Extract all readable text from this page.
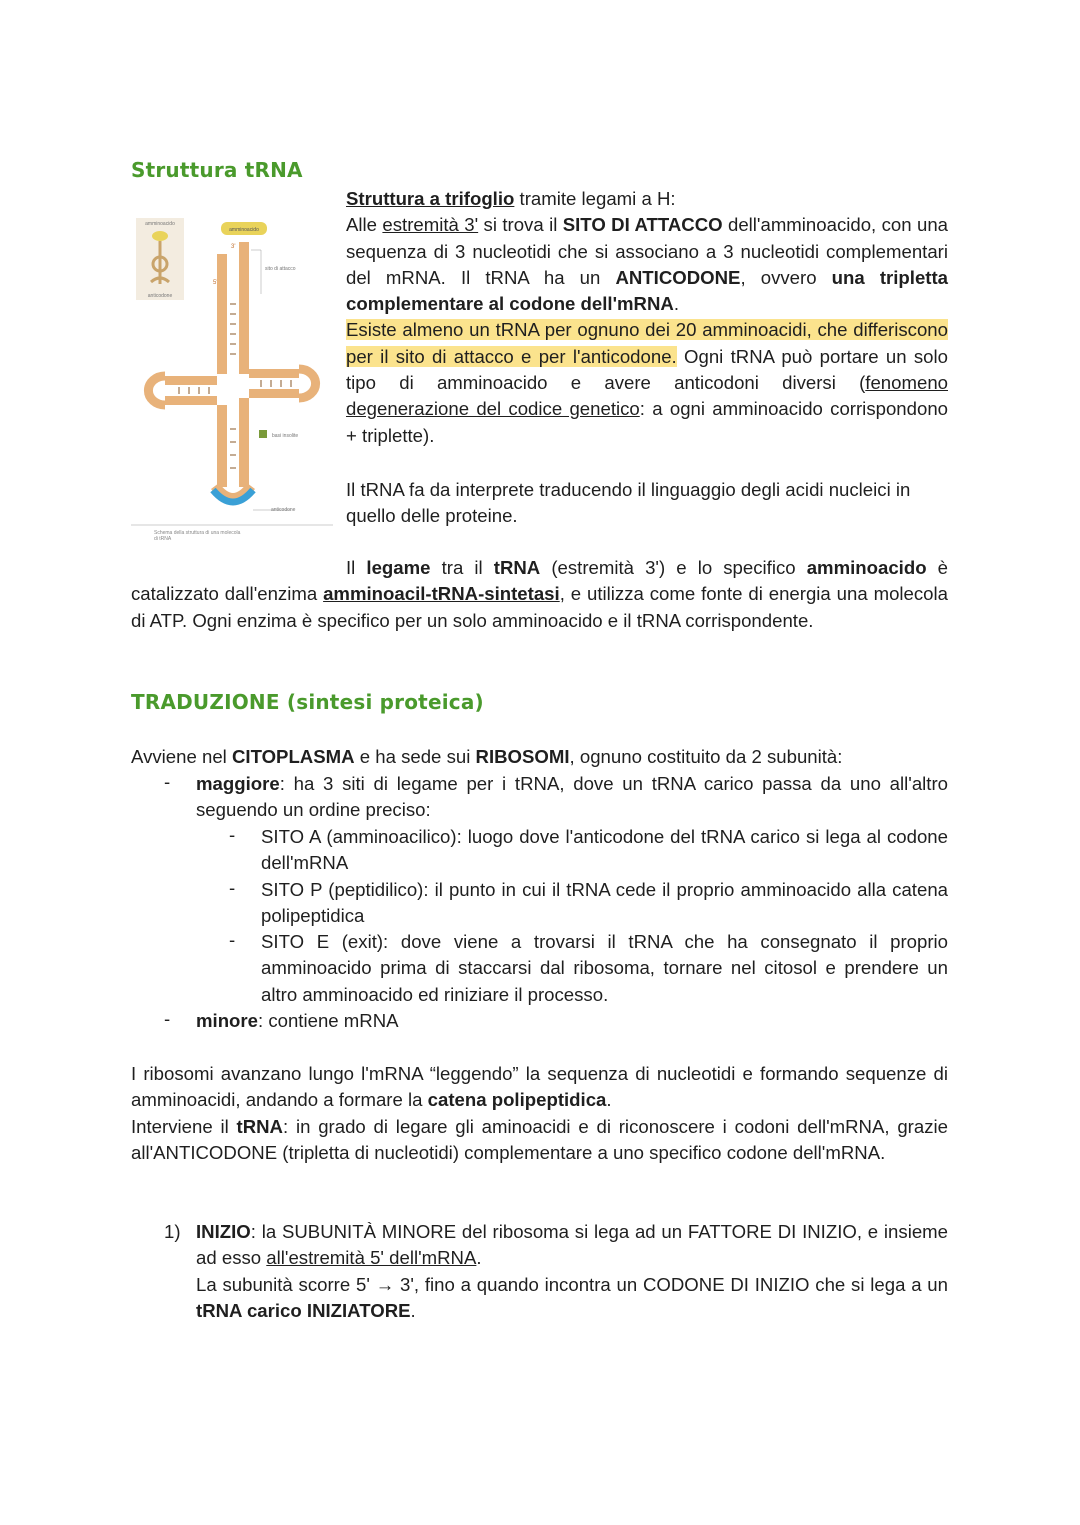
Struttura tRNA
amminoacido
anticodone
amminoacido
3'
5'
sito di attacco
basi insolite
anticodone
Schema della struttura di una molecola di tRNA
Struttura a trifoglio tramite legami a H:
Alle estremità 3' si trova il SITO DI ATTACCO dell'amminoacido, con una sequenza di 3 nucleotidi che si associano a 3 nucleotidi complementari del mRNA. Il tRNA ha un ANTICODONE, ovvero una tripletta complementare al codone dell'mRNA.
Esiste almeno un tRNA per ognuno dei 20 amminoacidi, che differiscono per il sito di attacco e per l'anticodone. Ogni tRNA può portare un solo tipo di amminoacido e avere anticodoni diversi (fenomeno degenerazione del codice genetico: a ogni amminoacido corrispondono + triplette).
Il tRNA fa da interprete traducendo il linguaggio degli acidi nucleici in quello delle proteine.
Il legame tra il tRNA (estremità 3') e lo specifico amminoacido è catalizzato dall'enzima amminoacil-tRNA-sintetasi, e utilizza come fonte di energia una molecola di ATP. Ogni enzima è specifico per un solo amminoacido e il tRNA corrispondente.
TRADUZIONE (sintesi proteica)
Avviene nel CITOPLASMA e ha sede sui RIBOSOMI, ognuno costituito da 2 subunità:
- maggiore: ha 3 siti di legame per i tRNA, dove un tRNA carico passa da uno all'altro seguendo un ordine preciso:
- SITO A (amminoacilico): luogo dove l'anticodone del tRNA carico si lega al codone dell'mRNA
- SITO P (peptidilico): il punto in cui il tRNA cede il proprio amminoacido alla catena polipeptidica
- SITO E (exit): dove viene a trovarsi il tRNA che ha consegnato il proprio amminoacido prima di staccarsi dal ribosoma, tornare nel citosol e prendere un altro amminoacido ed riniziare il processo.
- minore: contiene mRNA
I ribosomi avanzano lungo l'mRNA “leggendo” la sequenza di nucleotidi e formando sequenze di amminoacidi, andando a formare la catena polipeptidica.
Interviene il tRNA: in grado di legare gli aminoacidi e di riconoscere i codoni dell'mRNA, grazie all'ANTICODONE (tripletta di nucleotidi) complementare a uno specifico codone dell'mRNA.
1) INIZIO: la SUBUNITÀ MINORE del ribosoma si lega ad un FATTORE DI INIZIO, e insieme ad esso all'estremità 5' dell'mRNA.
La subunità scorre 5' → 3', fino a quando incontra un CODONE DI INIZIO che si lega a un tRNA carico INIZIATORE.
